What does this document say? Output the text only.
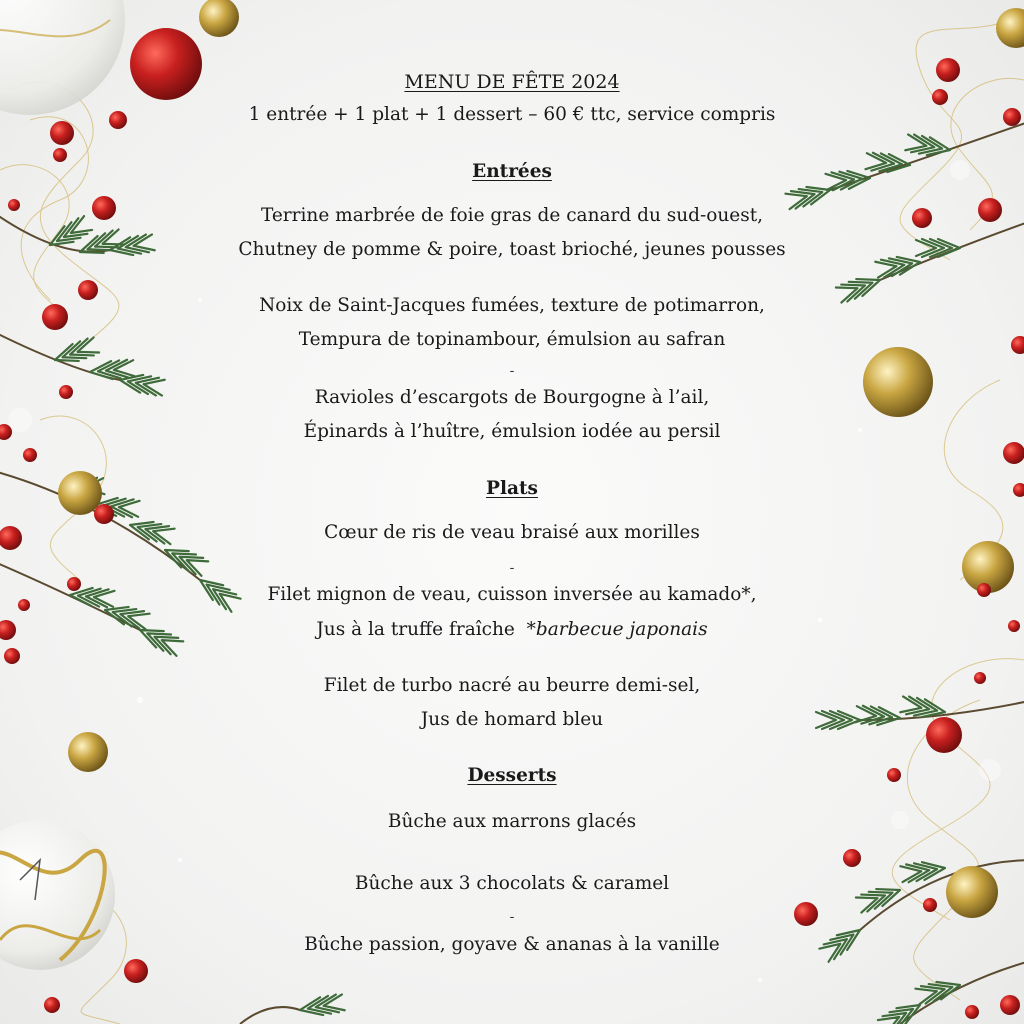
MENU DE FÊTE 2024
1 entrée + 1 plat + 1 dessert – 60 € ttc, service compris
Entrées
Terrine marbrée de foie gras de canard du sud-ouest,
Chutney de pomme & poire, toast brioché, jeunes pousses
Noix de Saint-Jacques fumées, texture de potimarron,
Tempura de topinambour, émulsion au safran
-
Ravioles d’escargots de Bourgogne à l’ail,
Épinards à l’huître, émulsion iodée au persil
Plats
Cœur de ris de veau braisé aux morilles
-
Filet mignon de veau, cuisson inversée au kamado*,
Jus à la truffe fraîche *barbecue japonais
Filet de turbo nacré au beurre demi-sel,
Jus de homard bleu
Desserts
Bûche aux marrons glacés
Bûche aux 3 chocolats & caramel
-
Bûche passion, goyave & ananas à la vanille
